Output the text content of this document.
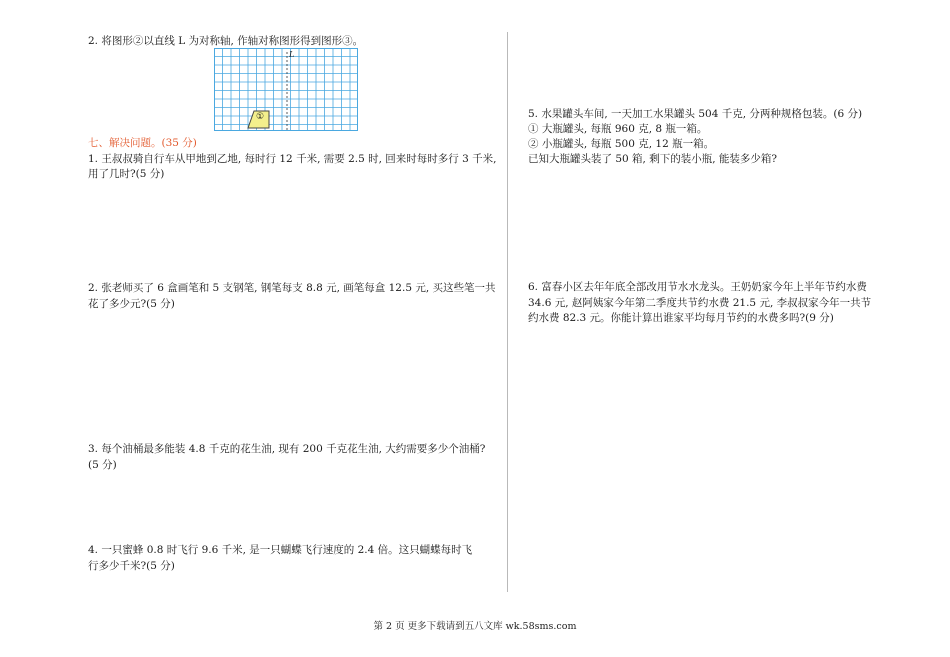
2. 将图形②以直线 L 为对称轴, 作轴对称图形得到图形③。
七、解决问题。(35 分)
1. 王叔叔骑自行车从甲地到乙地, 每时行 12 千米, 需要 2.5 时, 回来时每时多行 3 千米,
用了几时?(5 分)
2. 张老师买了 6 盒画笔和 5 支钢笔, 钢笔每支 8.8 元, 画笔每盒 12.5 元, 买这些笔一共
花了多少元?(5 分)
3. 每个油桶最多能装 4.8 千克的花生油, 现有 200 千克花生油, 大约需要多少个油桶?
(5 分)
4. 一只蜜蜂 0.8 时飞行 9.6 千米, 是一只蝴蝶飞行速度的 2.4 倍。这只蝴蝶每时飞
行多少千米?(5 分)
L
①	5. 水果罐头车间, 一天加工水果罐头 504 千克, 分两种规格包装。(6 分)
① 大瓶罐头, 每瓶 960 克, 8 瓶一箱。
② 小瓶罐头, 每瓶 500 克, 12 瓶一箱。
已知大瓶罐头装了 50 箱, 剩下的装小瓶, 能装多少箱?
6. 富春小区去年年底全部改用节水水龙头。王奶奶家今年上半年节约水费
34.6 元, 赵阿姨家今年第二季度共节约水费 21.5 元, 李叔叔家今年一共节
约水费 82.3 元。你能计算出谁家平均每月节约的水费多吗?(9 分)
第 2 页 更多下载请到五八文库 wk.58sms.com
